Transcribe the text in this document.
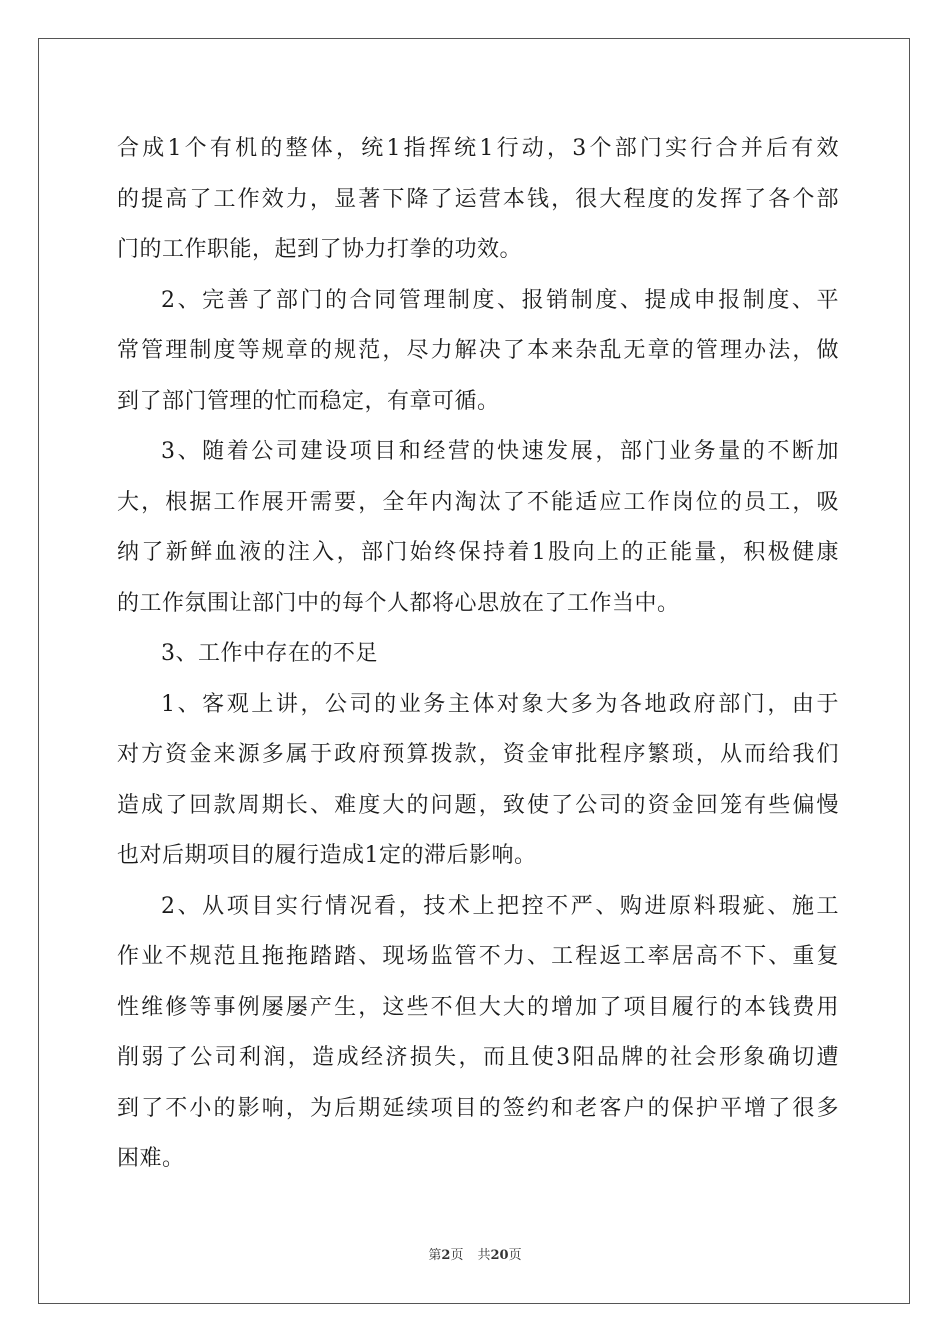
合成1个有机的整体，统1指挥统1行动，3个部门实行合并后有效
的提高了工作效力，显著下降了运营本钱，很大程度的发挥了各个部
门的工作职能，起到了协力打拳的功效。
2、完善了部门的合同管理制度、报销制度、提成申报制度、平
常管理制度等规章的规范，尽力解决了本来杂乱无章的管理办法，做
到了部门管理的忙而稳定，有章可循。
3、随着公司建设项目和经营的快速发展，部门业务量的不断加
大，根据工作展开需要，全年内淘汰了不能适应工作岗位的员工，吸
纳了新鲜血液的注入，部门始终保持着1股向上的正能量，积极健康
的工作氛围让部门中的每个人都将心思放在了工作当中。
3、工作中存在的不足
1、客观上讲，公司的业务主体对象大多为各地政府部门，由于
对方资金来源多属于政府预算拨款，资金审批程序繁琐，从而给我们
造成了回款周期长、难度大的问题，致使了公司的资金回笼有些偏慢
也对后期项目的履行造成1定的滞后影响。
2、从项目实行情况看，技术上把控不严、购进原料瑕疵、施工
作业不规范且拖拖踏踏、现场监管不力、工程返工率居高不下、重复
性维修等事例屡屡产生，这些不但大大的增加了项目履行的本钱费用
削弱了公司利润，造成经济损失，而且使3阳品牌的社会形象确切遭
到了不小的影响，为后期延续项目的签约和老客户的保护平增了很多
困难。
第2页 共20页
